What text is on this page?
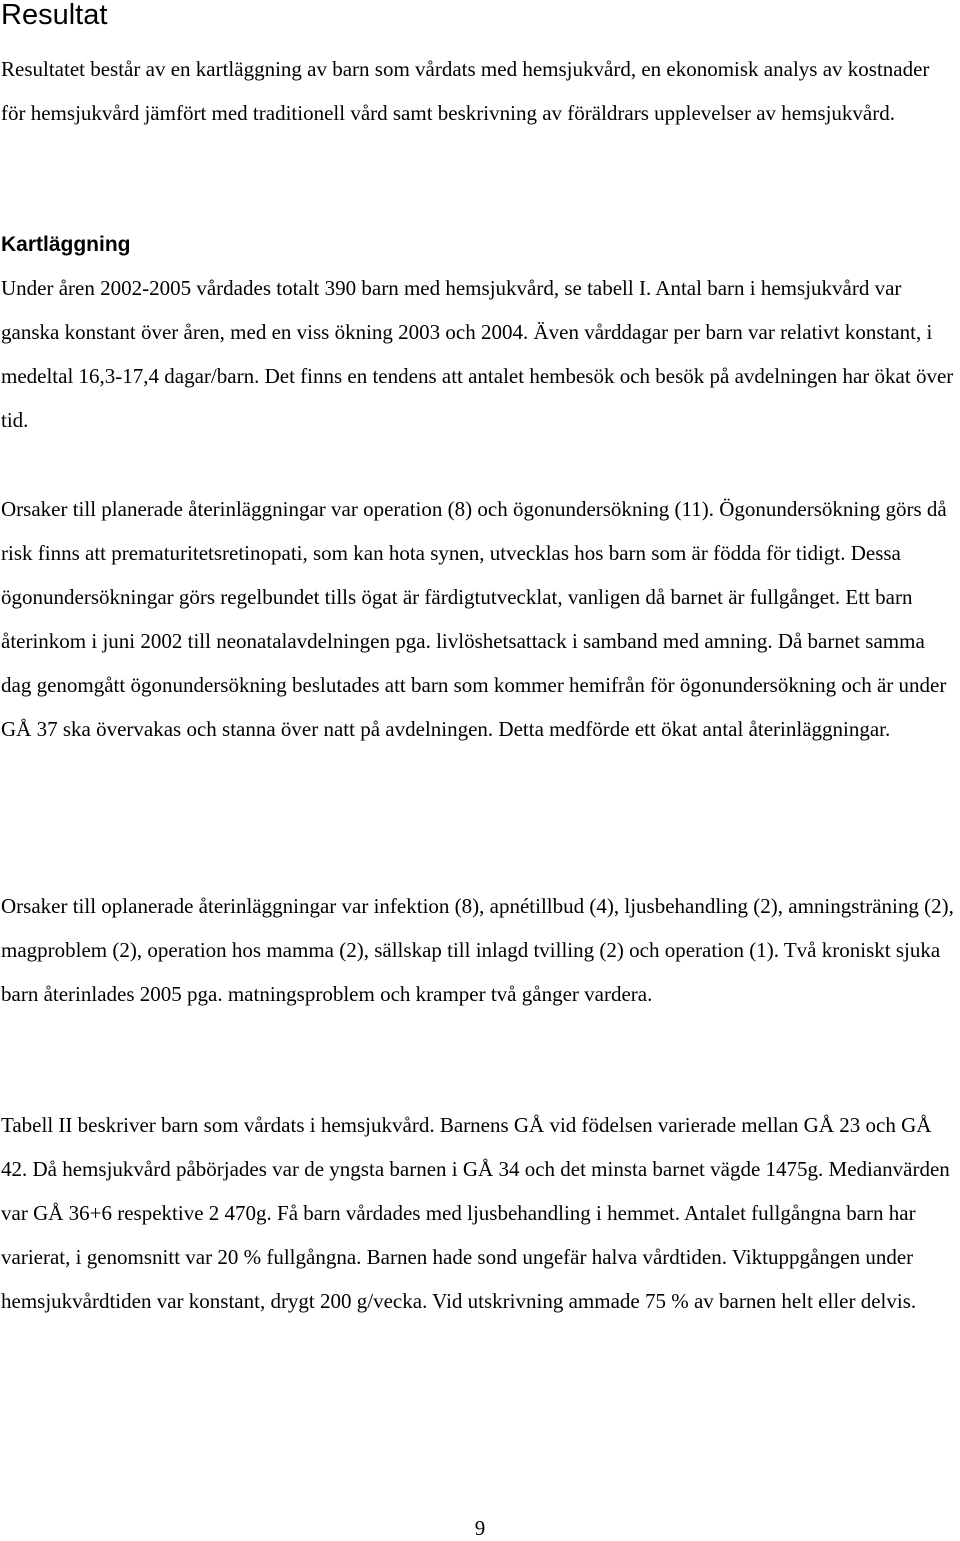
Resultat

Resultatet består av en kartläggning av barn som vårdats med hemsjukvård, en ekonomisk analys av kostnader för hemsjukvård jämfört med traditionell vård samt beskrivning av föräldrars upplevelser av hemsjukvård.

Kartläggning

Under åren 2002-2005 vårdades totalt 390 barn med hemsjukvård, se tabell I. Antal barn i hemsjukvård var ganska konstant över åren, med en viss ökning 2003 och 2004. Även vårddagar per barn var relativt konstant, i medeltal 16,3-17,4 dagar/barn. Det finns en tendens att antalet hembesök och besök på avdelningen har ökat över tid.

Orsaker till planerade återinläggningar var operation (8) och ögonundersökning (11). Ögonundersökning görs då risk finns att prematuritetsretinopati, som kan hota synen, utvecklas hos barn som är födda för tidigt. Dessa ögonundersökningar görs regelbundet tills ögat är färdigtutvecklat, vanligen då barnet är fullgånget. Ett barn återinkom i juni 2002 till neonatalavdelningen pga. livlöshetsattack i samband med amning. Då barnet samma dag genomgått ögonundersökning beslutades att barn som kommer hemifrån för ögonundersökning och är under GÅ 37 ska övervakas och stanna över natt på avdelningen. Detta medförde ett ökat antal återinläggningar.

Orsaker till oplanerade återinläggningar var infektion (8), apnétillbud (4), ljusbehandling (2), amningsträning (2), magproblem (2), operation hos mamma (2), sällskap till inlagd tvilling (2) och operation (1). Två kroniskt sjuka barn återinlades 2005 pga. matningsproblem och kramper två gånger vardera.

Tabell II beskriver barn som vårdats i hemsjukvård. Barnens GÅ vid födelsen varierade mellan GÅ 23 och GÅ 42. Då hemsjukvård påbörjades var de yngsta barnen i GÅ 34 och det minsta barnet vägde 1475g. Medianvärden var GÅ 36+6 respektive 2 470g. Få barn vårdades med ljusbehandling i hemmet. Antalet fullgångna barn har varierat, i genomsnitt var 20 % fullgångna. Barnen hade sond ungefär halva vårdtiden. Viktuppgången under hemsjukvårdtiden var konstant, drygt 200 g/vecka. Vid utskrivning ammade 75 % av barnen helt eller delvis.

9
